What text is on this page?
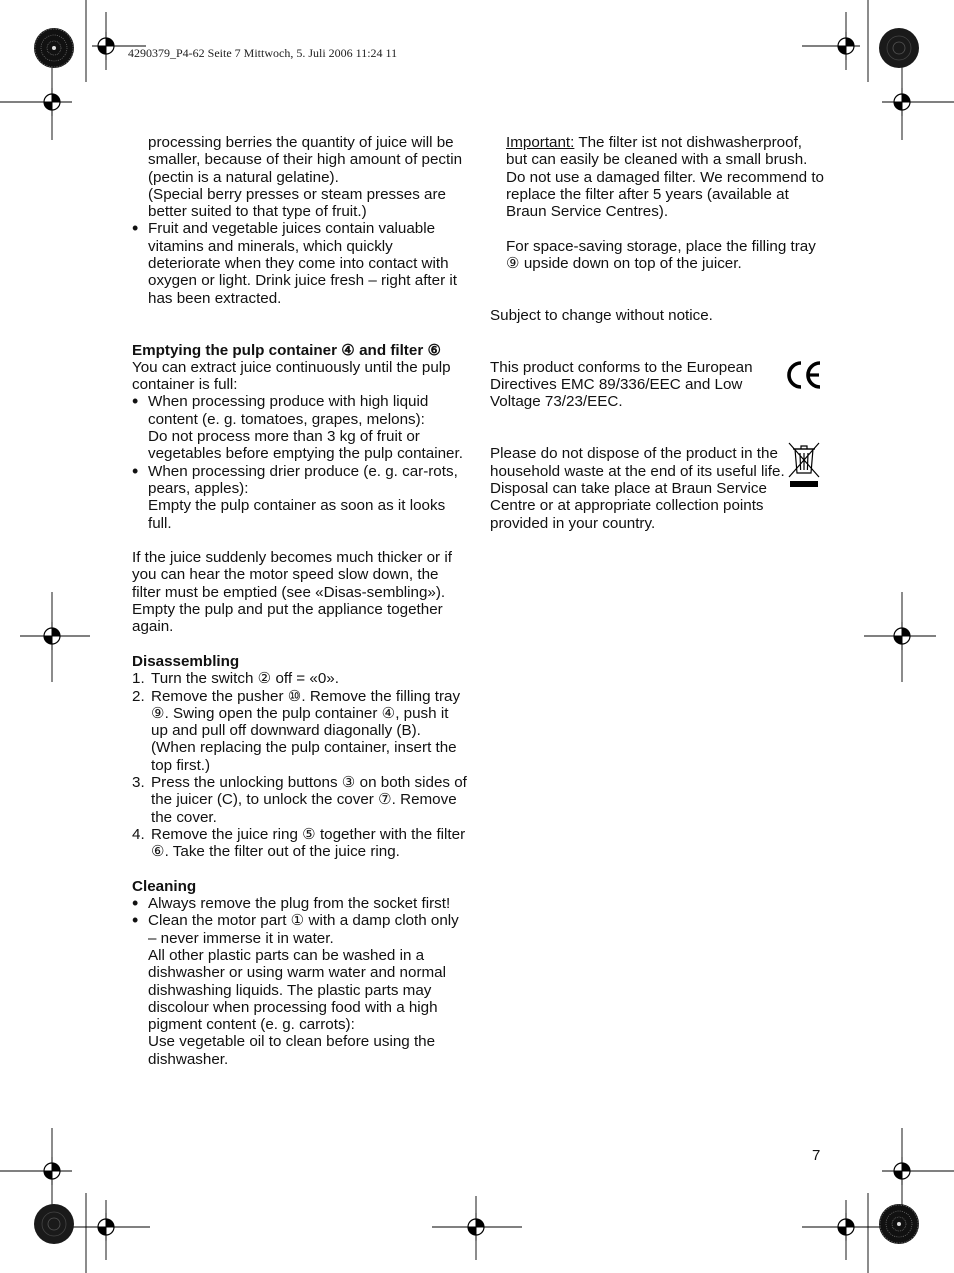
4290379_P4-62 Seite 7 Mittwoch, 5. Juli 2006 11:24 11

processing berries the quantity of juice will be smaller, because of their high amount of pectin (pectin is a natural gelatine).

(Special berry presses or steam presses are better suited to that type of fruit.)

• Fruit and vegetable juices contain valuable vitamins and minerals, which quickly deteriorate when they come into contact with oxygen or light. Drink juice fresh – right after it has been extracted.

Emptying the pulp container ④ and filter ⑥

You can extract juice continuously until the pulp container is full:

• When processing produce with high liquid content (e. g. tomatoes, grapes, melons):

Do not process more than 3 kg of fruit or vegetables before emptying the pulp container.

• When processing drier produce (e. g. car-rots, pears, apples):

Empty the pulp container as soon as it looks full.

If the juice suddenly becomes much thicker or if you can hear the motor speed slow down, the filter must be emptied (see «Disas-sembling»).

Empty the pulp and put the appliance together again.

Disassembling

1. Turn the switch ② off = «0».
2. Remove the pusher ⑩. Remove the filling tray ⑨. Swing open the pulp container ④, push it up and pull off downward diagonally (B). (When replacing the pulp container, insert the top first.)
3. Press the unlocking buttons ③ on both sides of the juicer (C), to unlock the cover ⑦. Remove the cover.
4. Remove the juice ring ⑤ together with the filter ⑥. Take the filter out of the juice ring.

Cleaning

• Always remove the plug from the socket first!

• Clean the motor part ① with a damp cloth only – never immerse it in water.

All other plastic parts can be washed in a dishwasher or using warm water and normal dishwashing liquids. The plastic parts may discolour when processing food with a high pigment content (e. g. carrots):

Use vegetable oil to clean before using the dishwasher.

Important: The filter ist not dishwasherproof, but can easily be cleaned with a small brush. Do not use a damaged filter. We recommend to replace the filter after 5 years (available at Braun Service Centres).

For space-saving storage, place the filling tray ⑨ upside down on top of the juicer.

Subject to change without notice.

This product conforms to the European Directives EMC 89/336/EEC and Low Voltage 73/23/EEC.

Please do not dispose of the product in the household waste at the end of its useful life. Disposal can take place at Braun Service Centre or at appropriate collection points provided in your country.

7
